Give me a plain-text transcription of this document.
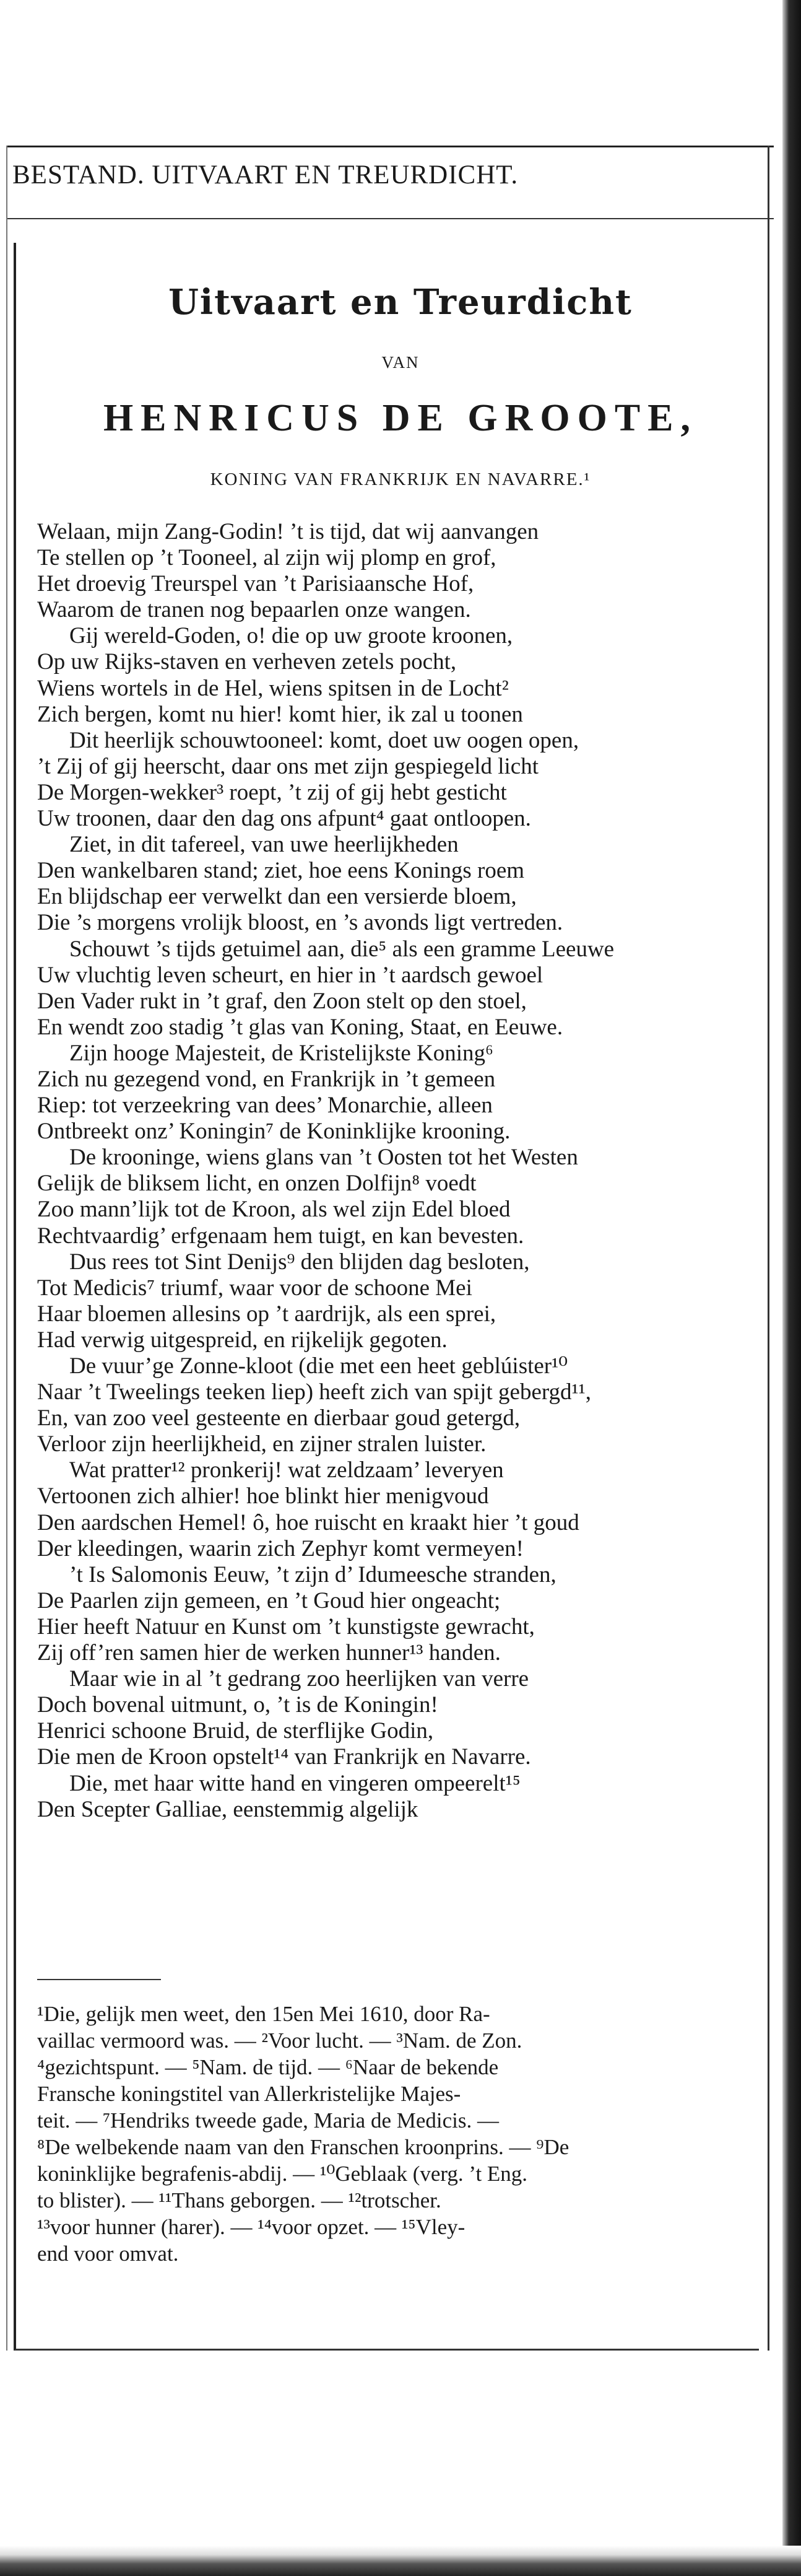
BESTAND. UITVAART EN TREURDICHT.
Uitvaart en Treurdicht
VAN
HENRICUS DE GROOTE,
KONING VAN FRANKRIJK EN NAVARRE.¹
Welaan, mijn Zang-Godin! ’t is tijd, dat wij aanvangen
Te stellen op ’t Tooneel, al zijn wij plomp en grof,
Het droevig Treurspel van ’t Parisiaansche Hof,
Waarom de tranen nog bepaarlen onze wangen.
Gij wereld-Goden, o! die op uw groote kroonen,
Op uw Rijks-staven en verheven zetels pocht,
Wiens wortels in de Hel, wiens spitsen in de Locht²
Zich bergen, komt nu hier! komt hier, ik zal u toonen
Dit heerlijk schouwtooneel: komt, doet uw oogen open,
’t Zij of gij heerscht, daar ons met zijn gespiegeld licht
De Morgen-wekker³ roept, ’t zij of gij hebt gesticht
Uw troonen, daar den dag ons afpunt⁴ gaat ontloopen.
Ziet, in dit tafereel, van uwe heerlijkheden
Den wankelbaren stand; ziet, hoe eens Konings roem
En blijdschap eer verwelkt dan een versierde bloem,
Die ’s morgens vrolijk bloost, en ’s avonds ligt vertreden.
Schouwt ’s tijds getuimel aan, die⁵ als een gramme Leeuwe
Uw vluchtig leven scheurt, en hier in ’t aardsch gewoel
Den Vader rukt in ’t graf, den Zoon stelt op den stoel,
En wendt zoo stadig ’t glas van Koning, Staat, en Eeuwe.
Zijn hooge Majesteit, de Kristelijkste Koning⁶
Zich nu gezegend vond, en Frankrijk in ’t gemeen
Riep: tot verzeekring van dees’ Monarchie, alleen
Ontbreekt onz’ Koningin⁷ de Koninklijke krooning.
De krooninge, wiens glans van ’t Oosten tot het Westen
Gelijk de bliksem licht, en onzen Dolfijn⁸ voedt
Zoo mann’lijk tot de Kroon, als wel zijn Edel bloed
Rechtvaardig’ erfgenaam hem tuigt, en kan bevesten.
Dus rees tot Sint Denijs⁹ den blijden dag besloten,
Tot Medicis⁷ triumf, waar voor de schoone Mei
Haar bloemen allesins op ’t aardrijk, als een sprei,
Had verwig uitgespreid, en rijkelijk gegoten.
De vuur’ge Zonne-kloot (die met een heet geblúister¹⁰
Naar ’t Tweelings teeken liep) heeft zich van spijt gebergd¹¹,
En, van zoo veel gesteente en dierbaar goud getergd,
Verloor zijn heerlijkheid, en zijner stralen luister.
Wat pratter¹² pronkerij! wat zeldzaam’ leveryen
Vertoonen zich alhier! hoe blinkt hier menigvoud
Den aardschen Hemel! ô, hoe ruischt en kraakt hier ’t goud
Der kleedingen, waarin zich Zephyr komt vermeyen!
’t Is Salomonis Eeuw, ’t zijn d’ Idumeesche stranden,
De Paarlen zijn gemeen, en ’t Goud hier ongeacht;
Hier heeft Natuur en Kunst om ’t kunstigste gewracht,
Zij off’ren samen hier de werken hunner¹³ handen.
Maar wie in al ’t gedrang zoo heerlijken van verre
Doch bovenal uitmunt, o, ’t is de Koningin!
Henrici schoone Bruid, de sterflijke Godin,
Die men de Kroon opstelt¹⁴ van Frankrijk en Navarre.
Die, met haar witte hand en vingeren ompeerelt¹⁵
Den Scepter Galliae, eenstemmig algelijk
¹Die, gelijk men weet, den 15en Mei 1610, door Ra-
vaillac vermoord was. — ²Voor lucht. — ³Nam. de Zon.
⁴gezichtspunt. — ⁵Nam. de tijd. — ⁶Naar de bekende
Fransche koningstitel van Allerkristelijke Majes-
teit. — ⁷Hendriks tweede gade, Maria de Medicis. —
⁸De welbekende naam van den Franschen kroonprins. — ⁹De
koninklijke begrafenis-abdij. — ¹⁰Geblaak (verg. ’t Eng.
to blister). — ¹¹Thans geborgen. — ¹²trotscher.
¹³voor hunner (harer). — ¹⁴voor opzet. — ¹⁵Vley-
end voor omvat.
